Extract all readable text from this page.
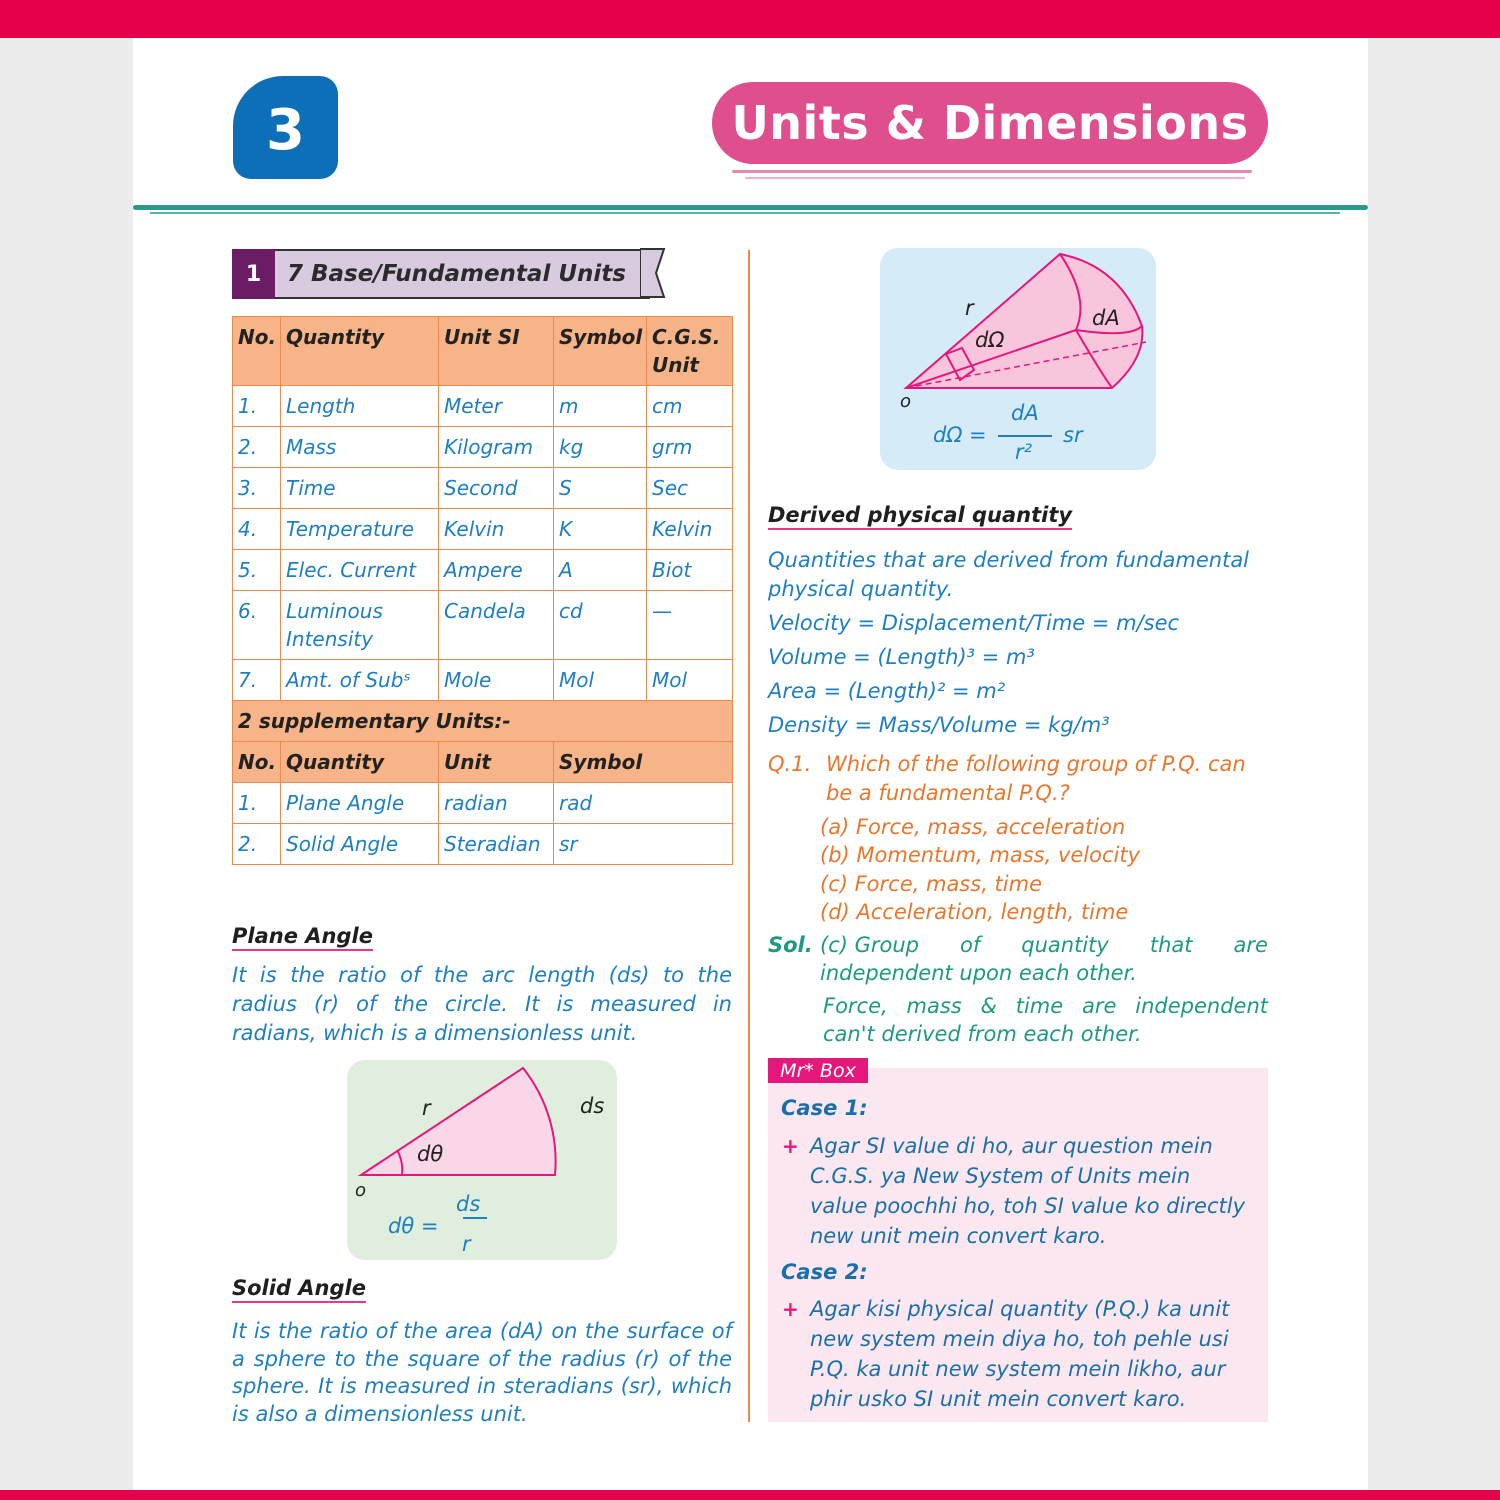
3	Units & Dimensions
1	7 Base/Fundamental Units
No.	Quantity	Unit SI	Symbol	C.G.S. Unit
1.	Length	Meter	m	cm
2.	Mass	Kilogram	kg	grm
3.	Time	Second	S	Sec
4.	Temperature	Kelvin	K	Kelvin
5.	Elec. Current	Ampere	A	Biot
6.	Luminous Intensity	Candela	cd	—
7.	Amt. of Subˢ	Mole	Mol	Mol
2 supplementary Units:-				
No.	Quantity	Unit	Symbol	
1.	Plane Angle	radian	rad	
2.	Solid Angle	Steradian	sr	
Plane Angle
It is the ratio of the arc length (ds) to the radius (r) of the circle. It is measured in radians, which is a dimensionless unit.
r	ds
dθ
o
dθ =
ds
r
Solid Angle
It is the ratio of the area (dA) on the surface of a sphere to the square of the radius (r) of the sphere. It is measured in steradians (sr), which is also a dimensionless unit.
r	dA
dΩ
o
dΩ =
dA
r²
sr
Derived physical quantity
Quantities that are derived from fundamental
physical quantity.
Velocity = Displacement/Time = m/sec
Volume = (Length)³ = m³
Area = (Length)² = m²
Density = Mass/Volume = kg/m³
Q.1. Which of the following group of P.Q. can
be a fundamental P.Q.?
(a) Force, mass, acceleration
(b) Momentum, mass, velocity
(c) Force, mass, time
(d) Acceleration, length, time
Sol. (c) Group of quantity that are
independent upon each other.
Force, mass & time are independent
can't derived from each other.
Case 1:
+ Agar SI value di ho, aur question mein
C.G.S. ya New System of Units mein
value poochhi ho, toh SI value ko directly
new unit mein convert karo.
Case 2:
+ Agar kisi physical quantity (P.Q.) ka unit
new system mein diya ho, toh pehle usi
P.Q. ka unit new system mein likho, aur
phir usko SI unit mein convert karo.
Mr* Box
